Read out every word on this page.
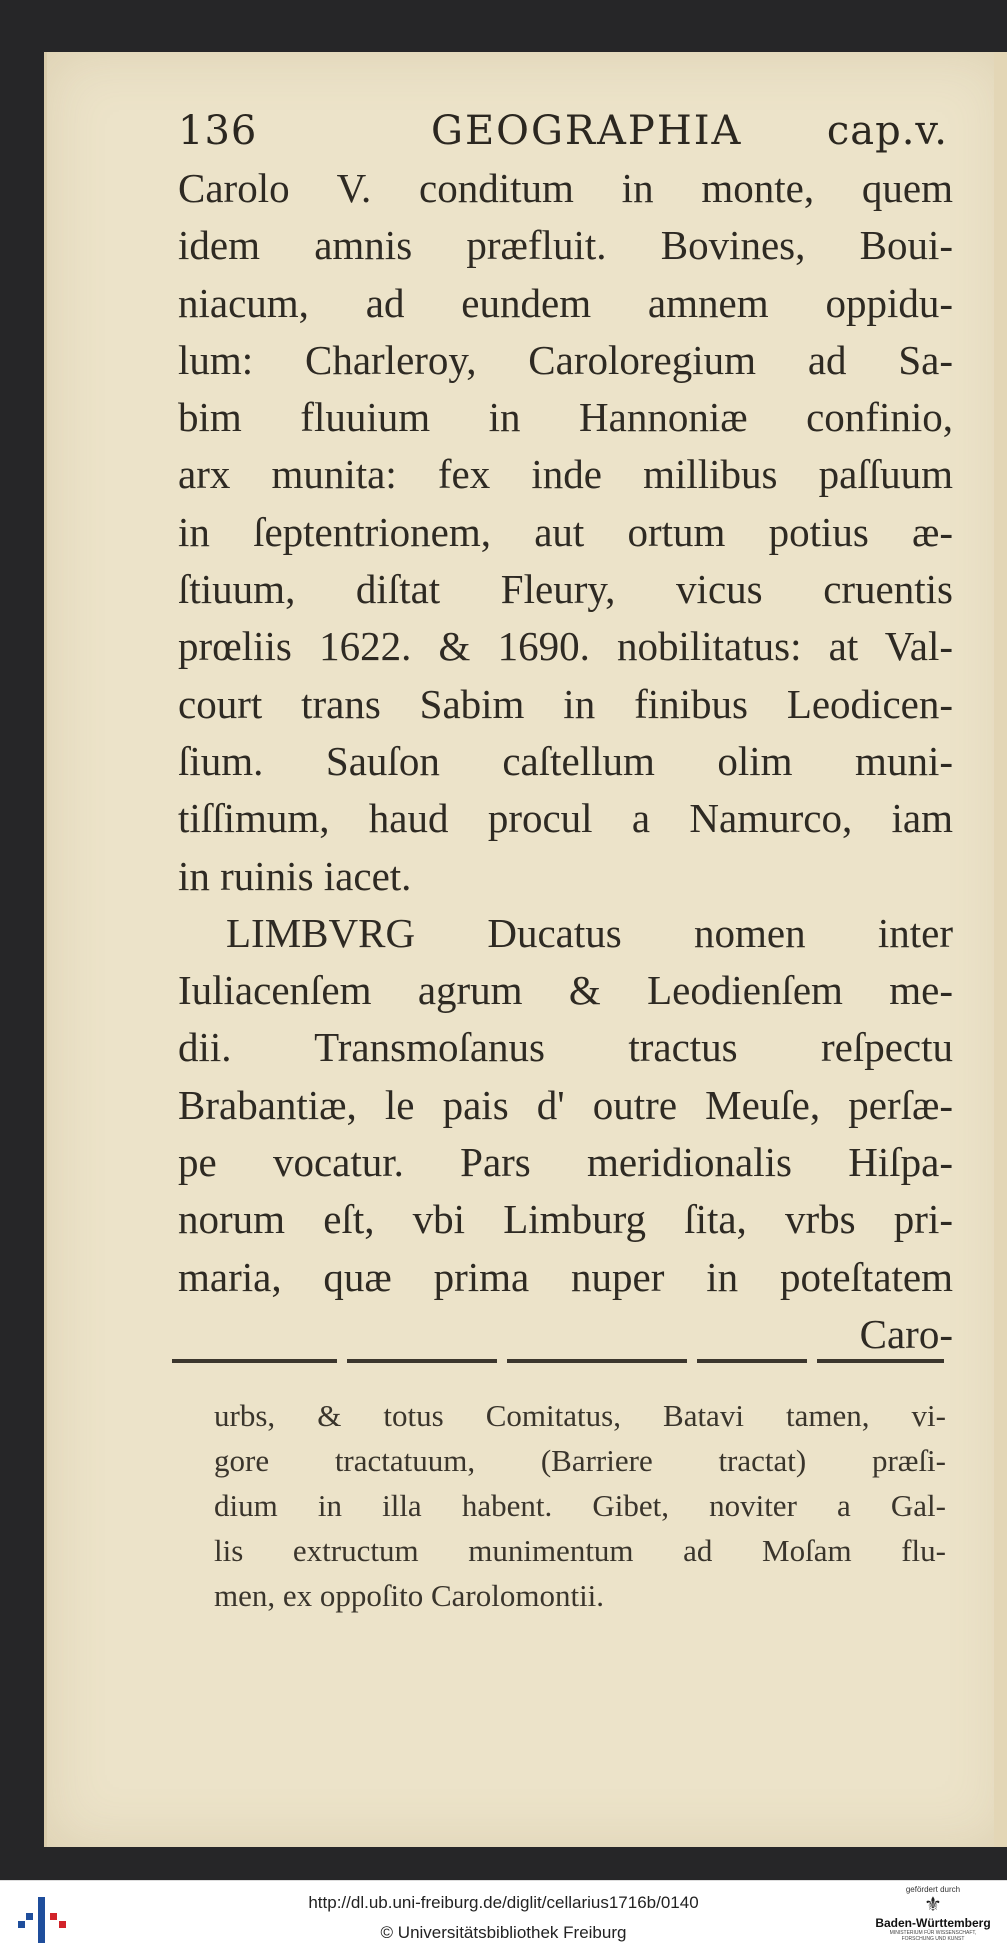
136	GEOGRAPHIA cap.v.
Carolo V. conditum in monte, quem
idem amnis præfluit. Bovines, Boui-
niacum, ad eundem amnem oppidu-
lum: Charleroy, Caroloregium ad Sa-
bim fluuium in Hannoniæ confinio,
arx munita: fex inde millibus paſſuum
in ſeptentrionem, aut ortum potius æ-
ſtiuum, diſtat Fleury, vicus cruentis
prœliis 1622. & 1690. nobilitatus: at Val-
court trans Sabim in finibus Leodicen-
ſium. Sauſon caſtellum olim muni-
tiſſimum, haud procul a Namurco, iam
in ruinis iacet.
LIMBVRG Ducatus nomen inter
Iuliacenſem agrum & Leodienſem me-
dii. Transmoſanus tractus reſpectu
Brabantiæ, le pais d' outre Meuſe, perſæ-
pe vocatur. Pars meridionalis Hiſpa-
norum eſt, vbi Limburg ſita, vrbs pri-
maria, quæ prima nuper in poteſtatem
Caro-
urbs, & totus Comitatus, Batavi tamen, vi-
gore tractatuum, (Barriere tractat) præſi-
dium in illa habent. Gibet, noviter a Gal-
lis extructum munimentum ad Moſam flu-
men, ex oppoſito Carolomontii.
http://dl.ub.uni-freiburg.de/diglit/cellarius1716b/0140
© Universitätsbibliothek Freiburg
gefördert durch
⚜
Baden-Württemberg
MINISTERIUM FÜR WISSENSCHAFT, FORSCHUNG UND KUNST
